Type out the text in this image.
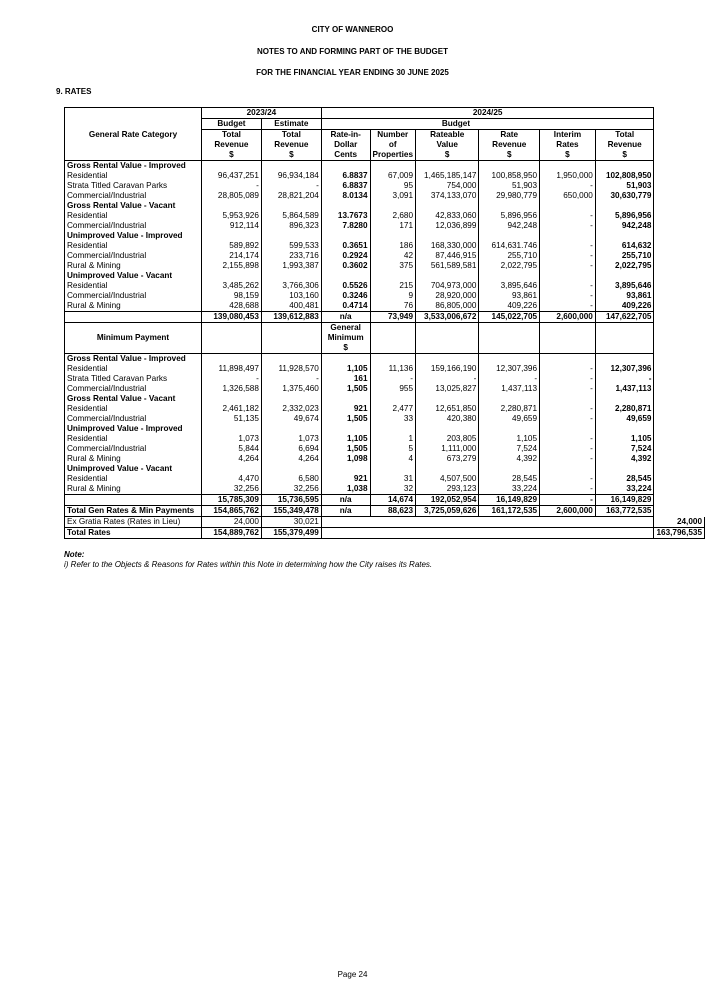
CITY OF WANNEROO
NOTES TO AND FORMING PART OF THE BUDGET
FOR THE FINANCIAL YEAR ENDING 30 JUNE 2025
9. RATES
	2023/24		2024/25						
	Budget	Estimate	Budget						
General Rate Category	Total	Total	Rate-in-	Number	Rateable	Rate	Interim	Total	
	Revenue	Revenue	Dollar	of	Value	Revenue	Rates	Revenue	
	$	$	Cents	Properties	$	$	$	$	
Gross Rental Value - Improved									
Residential	96,437,251	96,934,184	6.8837	67,009	1,465,185,147	100,858,950	1,950,000	102,808,950	
Strata Titled Caravan Parks	-	-	6.8837	95	754,000	51,903	-	51,903	
Commercial/Industrial	28,805,089	28,821,204	8.0134	3,091	374,133,070	29,980,779	650,000	30,630,779	
Gross Rental Value - Vacant									
Residential	5,953,926	5,864,589	13.7673	2,680	42,833,060	5,896,956	-	5,896,956	
Commercial/Industrial	912,114	896,323	7.8280	171	12,036,899	942,248	-	942,248	
Unimproved Value - Improved									
Residential	589,892	599,533	0.3651	186	168,330,000	614,631.746	-	614,632	
Commercial/Industrial	214,174	233,716	0.2924	42	87,446,915	255,710	-	255,710	
Rural & Mining	2,155,898	1,993,387	0.3602	375	561,589,581	2,022,795	-	2,022,795	
Unimproved Value - Vacant									
Residential	3,485,262	3,766,306	0.5526	215	704,973,000	3,895,646	-	3,895,646	
Commercial/Industrial	98,159	103,160	0.3246	9	28,920,000	93,861	-	93,861	
Rural & Mining	428,688	400,481	0.4714	76	86,805,000	409,226	-	409,226	
	139,080,453	139,612,883	n/a	73,949	3,533,006,672	145,022,705	2,600,000	147,622,705	
			General						
Minimum Payment			Minimum						
			$						
Gross Rental Value - Improved									
Residential	11,898,497	11,928,570	1,105	11,136	159,166,190	12,307,396	-	12,307,396	
Strata Titled Caravan Parks	-	-	161	-	-	-	-	-	
Commercial/Industrial	1,326,588	1,375,460	1,505	955	13,025,827	1,437,113	-	1,437,113	
Gross Rental Value - Vacant									
Residential	2,461,182	2,332,023	921	2,477	12,651,850	2,280,871	-	2,280,871	
Commercial/Industrial	51,135	49,674	1,505	33	420,380	49,659	-	49,659	
Unimproved Value - Improved									
Residential	1,073	1,073	1,105	1	203,805	1,105	-	1,105	
Commercial/Industrial	5,844	6,694	1,505	5	1,111,000	7,524	-	7,524	
Rural & Mining	4,264	4,264	1,098	4	673,279	4,392	-	4,392	
Unimproved Value - Vacant									
Residential	4,470	6,580	921	31	4,507,500	28,545	-	28,545	
Rural & Mining	32,256	32,256	1,038	32	293,123	33,224	-	33,224	
	15,785,309	15,736,595	n/a	14,674	192,052,954	16,149,829	-	16,149,829	
Total Gen Rates & Min Payments	154,865,762	155,349,478	n/a	88,623	3,725,059,626	161,172,535	2,600,000	163,772,535	
Ex Gratia Rates (Rates in Lieu)	24,000	30,021							24,000
Total Rates	154,889,762	155,379,499							163,796,535
Note:
i) Refer to the Objects & Reasons for Rates within this Note in determining how the City raises its Rates.
Page 24
